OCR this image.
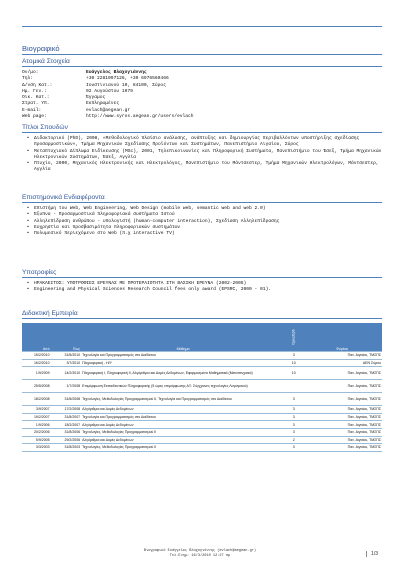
Βιογραφικό
Ατομικά Στοιχεία
Ον/μο:	Ευάγγελος Βλαχογιάννης
Τηλ:	+30 2281097126, +30 6976560466
Δ/νση Κατ.:	Ιουστινιανού 10, 84100, Σύρος
Ημ. Γεν.:	02 Αυγούστου 1979
Οικ. Κατ.:	Έγγαμος
Στρατ. Υπ.	Εκπληρωμένες
E-mail:	evlach@aegean.gr
Web page:	http://www.syros.aegean.gr/users/evlach
Τίτλοι Σπουδών
•	Διδακτορικό (PhD), 2008, «Μεθοδολογικό πλαίσιο ανάλυσης, ανάπτυξης και δημιουργίας περιβαλλόντων υποστήριξης σχεδίασης προσαρμοστικών», Τμήμα Μηχανικών Σχεδίασης Προϊόντων και Συστημάτων, Πανεπιστήμιο Αιγαίου, Σύρος
•	Μεταπτυχιακό Δίπλωμα Ειδίκευσης (MSc), 2001, Τηλεπικοινωνίες και Πληροφορική Συστήματα, Πανεπιστήμιο του Έσεξ, Τμήμα Μηχανικών Ηλεκτρονικών Συστημάτων, Έσεξ, Αγγλία
•	Πτυχίο, 2000, Μηχανικός Ηλεκτρονικής και Ηλεκτρολόγος, Πανεπιστήμιο του Μάντσεστερ, Τμήμα Μηχανικών Ηλεκτρολόγων, Μάντσεστερ, Αγγλία
Επιστημονικά Ενδιαφέροντα
•	Επιστήμη του Web, Web Engineering, Web Design (mobile web, semantic web and web 2.0)
•	Έξυπνα - Προσαρμοστικά πληροφοριακά συστήματα Ιστού
•	Αλληλεπίδραση ανθρώπου - υπολογιστή (human-computer interaction), Σχεδίαση Αλληλεπίδρασης
•	Ευχρηστία και προσβασιμότητα πληροφοριακών συστημάτων
•	Πολυμεσικό περιεχόμενο στο Web (π.χ interactive TV)
Υποτροφίες
•	ΗΡΑΚΛΕΙΤΟΣ: ΥΠΟΤΡΟΦΙΕΣ ΕΡΕΥΝΑΣ ΜΕ ΠΡΟΤΕΡΑΙΟΤΗΤΑ ΣΤΗ ΒΑΣΙΚΗ ΕΡΕΥΝΑ (2002-2005)
•	Engineering and Physical Sciences Research Council fees only award (EPSRC, 2000 - 01).
Διδακτική Εμπειρία
Από	Έως	Μάθημα	Ώρες/Εβδ	Φορέας
15/2/2010	31/8/2010	Τεχνολογία και Προγραμματισμός στο Διαδίκτυο	3	Παν. Αιγαίου, ΤΜΣΠΣ
16/2/2010	3/7/2010	Πληροφορική - Η/Υ	10	ΑΕΝ Σύρου
1/9/2009	14/2/2010	Πληροφορική Ι, Πληροφορική ΙΙ, Αλγόριθμοι και Δομές Δεδομένων, Εφαρμοσμένα Μαθηματικά (Μεταπτυχιακό)	10	Παν. Αιγαίου, ΤΜΣΠΣ
25/5/2008	1/7/2008	Επιμόρφωση Εκπαιδευτικών Πληροφορικής (5 ώρες επιμόρφωσης ΑΞ: Σύγχρονες τεχνολογίες Λογισμικού)		Παν. Αιγαίου, ΤΜΣΠΣ
18/2/2008	31/8/2008	Τεχνολογίες, Μεθοδολογίες Προγραμματισμού ΙΙ, Τεχνολογία και Προγραμματισμός στο Διαδίκτυο	3	Παν. Αιγαίου, ΤΜΣΠΣ
3/9/2007	17/2/2008	Αλγόριθμοι και Δομές Δεδομένων	3	Παν. Αιγαίου, ΤΜΣΠΣ
19/2/2007	31/8/2007	Τεχνολογία και Προγραμματισμός στο Διαδίκτυο	3	Παν. Αιγαίου, ΤΜΣΠΣ
1/9/2006	18/2/2007	Αλγόριθμοι και Δομές Δεδομένων	3	Παν. Αιγαίου, ΤΜΣΠΣ
20/2/2006	31/8/2006	Τεχνολογίες, Μεθοδολογίες Προγραμματισμού ΙΙ	3	Παν. Αιγαίου, ΤΜΣΠΣ
5/9/2005	29/2/2006	Αλγόριθμοι και Δομές Δεδομένων	2	Παν. Αιγαίου, ΤΜΣΠΣ
3/3/2003	31/8/2003	Τεχνολογίες, Μεθοδολογίες Προγραμματισμού ΙΙ	3	Παν. Αιγαίου, ΤΜΣΠΣ
Βιογραφικό Ευάγγελος Βλαχογιάννης (evlach@aegean.gr)
Τελ.Ενημ: 16/3/2010 12:27 πμ	1/3
